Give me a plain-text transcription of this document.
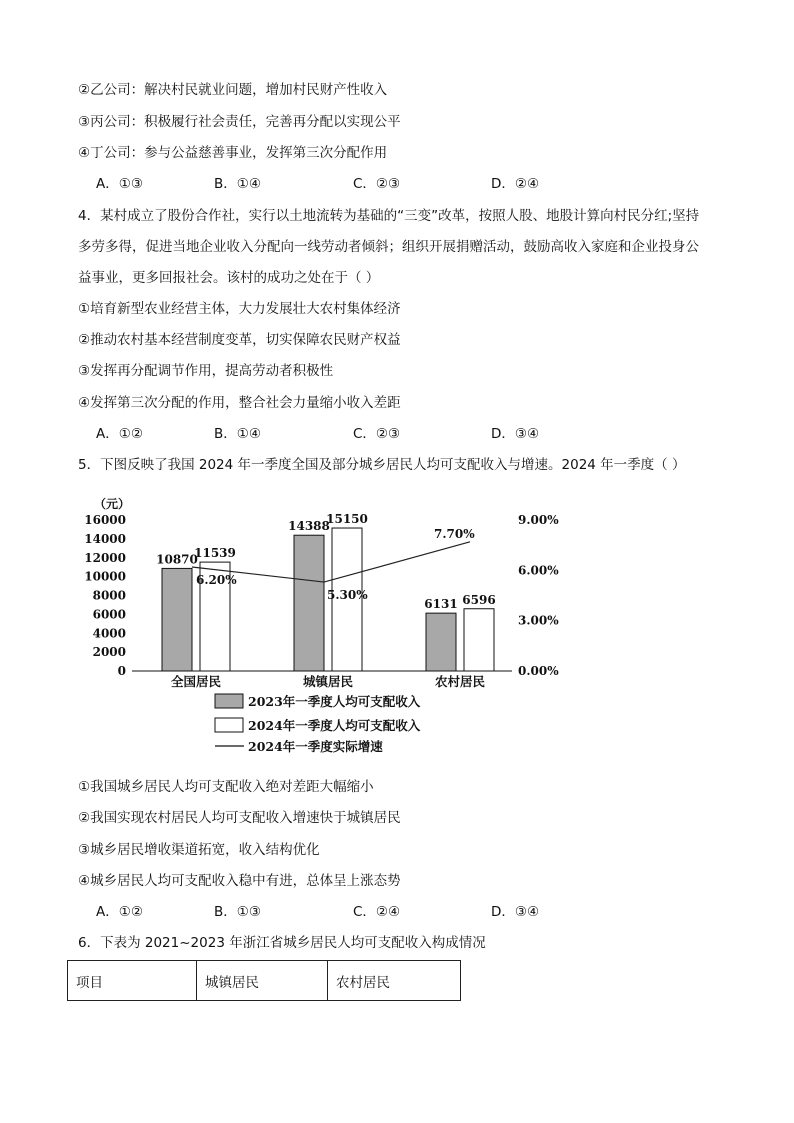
②乙公司：解决村民就业问题，增加村民财产性收入
③丙公司：积极履行社会责任，完善再分配以实现公平
④丁公司：参与公益慈善事业，发挥第三次分配作用
A．①③	B．①④	C．②③	D．②④
4．某村成立了股份合作社，实行以土地流转为基础的“三变”改革，按照人股、地股计算向村民分红;坚持
多劳多得，促进当地企业收入分配向一线劳动者倾斜；组织开展捐赠活动，鼓励高收入家庭和企业投身公
益事业，更多回报社会。该村的成功之处在于（ ）
①培育新型农业经营主体，大力发展壮大农村集体经济
②推动农村基本经营制度变革，切实保障农民财产权益
③发挥再分配调节作用，提高劳动者积极性
④发挥第三次分配的作用，整合社会力量缩小收入差距
A．①②	B．①④	C．②③	D．③④
5．下图反映了我国 2024 年一季度全国及部分城乡居民人均可支配收入与增速。2024 年一季度（ ）
（元）
0
2000
4000
6000
8000
10000
12000
14000
16000
0.00%
3.00%
6.00%
9.00%
10870
14388
6131
11539
15150
6596
6.20%
5.30%
7.70%
全国居民	城镇居民	农村居民
2023年一季度人均可支配收入
2024年一季度人均可支配收入
2024年一季度实际增速
①我国城乡居民人均可支配收入绝对差距大幅缩小
②我国实现农村居民人均可支配收入增速快于城镇居民
③城乡居民增收渠道拓宽，收入结构优化
④城乡居民人均可支配收入稳中有进，总体呈上涨态势
A．①②	B．①③	C．②④	D．③④
6．下表为 2021~2023 年浙江省城乡居民人均可支配收入构成情况
项目	城镇居民	农村居民
